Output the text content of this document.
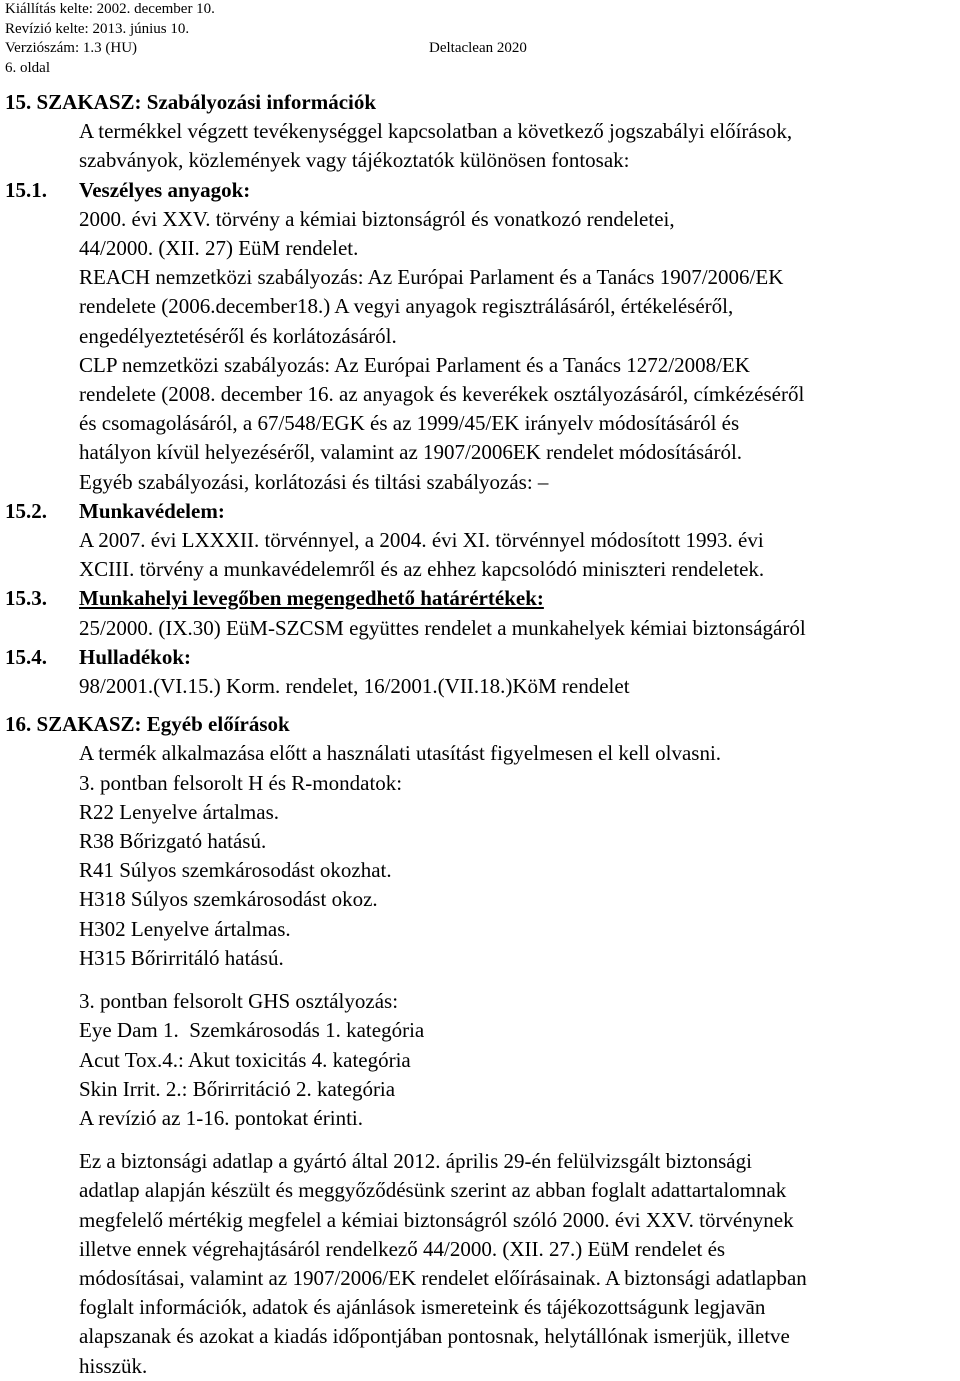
Kiállítás kelte: 2002. december 10.
Revízió kelte: 2013. június 10.
Verziószám: 1.3 (HU)	Deltaclean 2020
6. oldal
15. SZAKASZ: Szabályozási információk
A termékkel végzett tevékenységgel kapcsolatban a következő jogszabályi előírások,
szabványok, közlemények vagy tájékoztatók különösen fontosak:
15.1. Veszélyes anyagok:
2000. évi XXV. törvény a kémiai biztonságról és vonatkozó rendeletei,
44/2000. (XII. 27) EüM rendelet.
REACH nemzetközi szabályozás: Az Európai Parlament és a Tanács 1907/2006/EK
rendelete (2006.december18.) A vegyi anyagok regisztrálásáról, értékeléséről,
engedélyeztetéséről és korlátozásáról.
CLP nemzetközi szabályozás: Az Európai Parlament és a Tanács 1272/2008/EK
rendelete (2008. december 16. az anyagok és keverékek osztályozásáról, címkézéséről
és csomagolásáról, a 67/548/EGK és az 1999/45/EK irányelv módosításáról és
hatályon kívül helyezéséről, valamint az 1907/2006EK rendelet módosításáról.
Egyéb szabályozási, korlátozási és tiltási szabályozás: –
15.2. Munkavédelem:
A 2007. évi LXXXII. törvénnyel, a 2004. évi XI. törvénnyel módosított 1993. évi
XCIII. törvény a munkavédelemről és az ehhez kapcsolódó miniszteri rendeletek.
15.3. Munkahelyi levegőben megengedhető határértékek:
25/2000. (IX.30) EüM-SZCSM együttes rendelet a munkahelyek kémiai biztonságáról
15.4. Hulladékok:
98/2001.(VI.15.) Korm. rendelet, 16/2001.(VII.18.)KöM rendelet
16. SZAKASZ: Egyéb előírások
A termék alkalmazása előtt a használati utasítást figyelmesen el kell olvasni.
3. pontban felsorolt H és R-mondatok:
R22 Lenyelve ártalmas.
R38 Bőrizgató hatású.
R41 Súlyos szemkárosodást okozhat.
H318 Súlyos szemkárosodást okoz.
H302 Lenyelve ártalmas.
H315 Bőrirritáló hatású.
3. pontban felsorolt GHS osztályozás:
Eye Dam 1.  Szemkárosodás 1. kategória
Acut Tox.4.: Akut toxicitás 4. kategória
Skin Irrit. 2.: Bőrirritáció 2. kategória
A revízió az 1-16. pontokat érinti.
Ez a biztonsági adatlap a gyártó által 2012. április 29-én felülvizsgált biztonsági
adatlap alapján készült és meggyőződésünk szerint az abban foglalt adattartalomnak
megfelelő mértékig megfelel a kémiai biztonságról szóló 2000. évi XXV. törvénynek
illetve ennek végrehajtásáról rendelkező 44/2000. (XII. 27.) EüM rendelet és
módosításai, valamint az 1907/2006/EK rendelet előírásainak. A biztonsági adatlapban
foglalt információk, adatok és ajánlások ismereteink és tájékozottságunk legjavān
alapszanak és azokat a kiadás időpontjában pontosnak, helytállónak ismerjük, illetve
hisszük.
